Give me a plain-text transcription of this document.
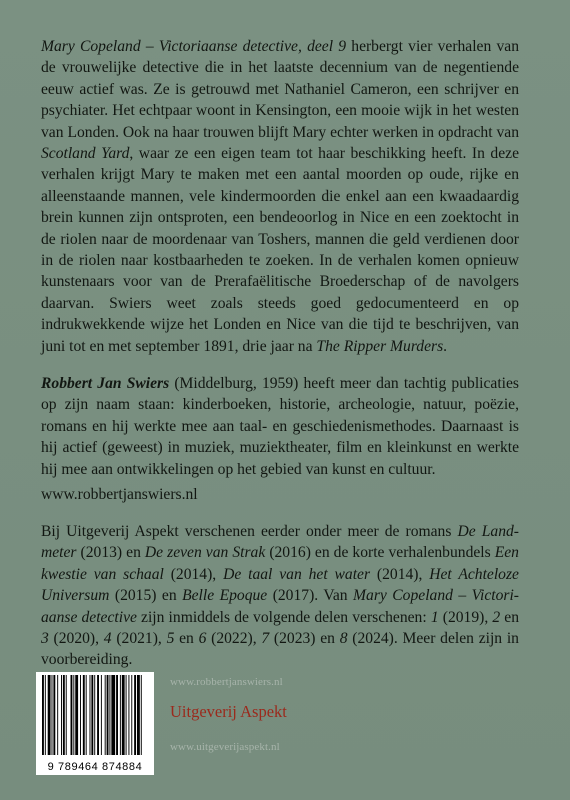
Mary Copeland – Victoriaanse detective, deel 9 herbergt vier verhalen van de vrouwelijke detective die in het laatste decennium van de negentiende eeuw actief was. Ze is getrouwd met Nathaniel Cameron, een schrijver en psychiater. Het echtpaar woont in Kensington, een mooie wijk in het westen van Londen. Ook na haar trouwen blijft Mary echter werken in opdracht van Scotland Yard, waar ze een eigen team tot haar beschikking heeft. In deze verhalen krijgt Mary te maken met een aantal moorden op oude, rijke en alleenstaande mannen, vele kindermoorden die enkel aan een kwaadaardig brein kunnen zijn ontsproten, een bendeoorlog in Nice en een zoektocht in de riolen naar de moordenaar van Toshers, mannen die geld verdienen door in de riolen naar kostbaarheden te zoeken. In de verhalen komen opnieuw kunstenaars voor van de Prerafaëlitische Broederschap of de navolgers daarvan. Swiers weet zoals steeds goed gedocumenteerd en op indrukwekkende wijze het Londen en Nice van die tijd te beschrijven, van juni tot en met september 1891, drie jaar na The Ripper Murders.

Robbert Jan Swiers (Middelburg, 1959) heeft meer dan tachtig publicaties op zijn naam staan: kinderboeken, historie, archeologie, natuur, poëzie, romans en hij werkte mee aan taal- en geschiedenismethodes. Daarnaast is hij actief (geweest) in muziek, muziektheater, film en kleinkunst en werkte hij mee aan ontwikkelingen op het gebied van kunst en cultuur.

www.robbertjanswiers.nl

Bij Uitgeverij Aspekt verschenen eerder onder meer de romans De Landmeter (2013) en De zeven van Strak (2016) en de korte verhalenbundels Een kwestie van schaal (2014), De taal van het water (2014), Het Achteloze Universum (2015) en Belle Epoque (2017). Van Mary Copeland – Victoriaanse detective zijn inmiddels de volgende delen verschenen: 1 (2019), 2 en 3 (2020), 4 (2021), 5 en 6 (2022), 7 (2023) en 8 (2024). Meer delen zijn in voorbereiding.

9 789464 874884
www.robbertjanswiers.nl
Uitgeverij Aspekt
www.uitgeverijaspekt.nl
